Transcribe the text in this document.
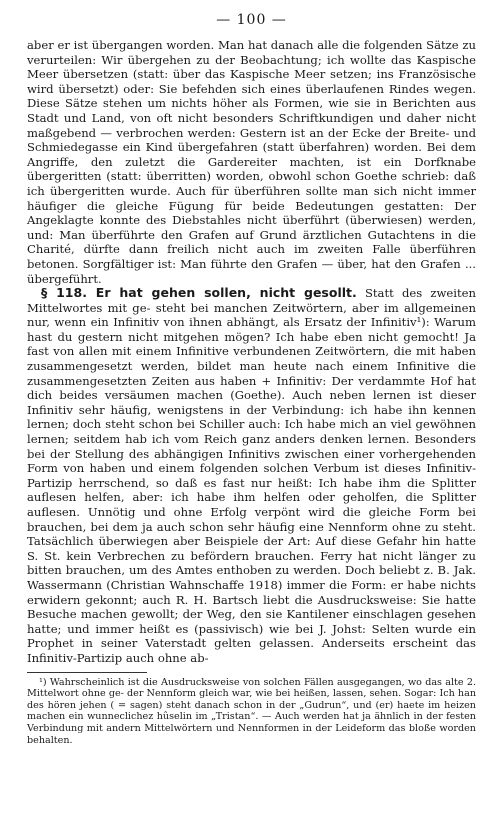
— 100 —

aber er ist übergangen worden. Man hat danach alle die folgenden Sätze zu verurteilen: Wir übergehen zu der Beobachtung; ich wollte das Kaspische Meer übersetzen (statt: über das Kaspische Meer setzen; ins Französische wird übersetzt) oder: Sie befehden sich eines überlaufenen Rindes wegen. Diese Sätze stehen um nichts höher als Formen, wie sie in Berichten aus Stadt und Land, von oft nicht besonders Schriftkundigen und daher nicht maßgebend — verbrochen werden: Gestern ist an der Ecke der Breite- und Schmiedegasse ein Kind übergefahren (statt überfahren) worden. Bei dem Angriffe, den zuletzt die Gardereiter machten, ist ein Dorfknabe übergeritten (statt: überritten) worden, obwohl schon Goethe schrieb: daß ich übergeritten wurde. Auch für überführen sollte man sich nicht immer häufiger die gleiche Fügung für beide Bedeutungen gestatten: Der Angeklagte konnte des Diebstahles nicht überführt (überwiesen) werden, und: Man überführte den Grafen auf Grund ärztlichen Gutachtens in die Charité, dürfte dann freilich nicht auch im zweiten Falle überführen betonen. Sorgfältiger ist: Man führte den Grafen — über, hat den Grafen ... übergeführt.

§ 118. Er hat gehen sollen, nicht gesollt. Statt des zweiten Mittelwortes mit ge- steht bei manchen Zeitwörtern, aber im allgemeinen nur, wenn ein Infinitiv von ihnen abhängt, als Ersatz der Infinitiv¹): Warum hast du gestern nicht mitgehen mögen? Ich habe eben nicht gemocht! Ja fast von allen mit einem Infinitive verbundenen Zeitwörtern, die mit haben zusammengesetzt werden, bildet man heute nach einem Infinitive die zusammengesetzten Zeiten aus haben + Infinitiv: Der verdammte Hof hat dich beides versäumen machen (Goethe). Auch neben lernen ist dieser Infinitiv sehr häufig, wenigstens in der Verbindung: ich habe ihn kennen lernen; doch steht schon bei Schiller auch: Ich habe mich an viel gewöhnen lernen; seitdem hab ich vom Reich ganz anders denken lernen. Besonders bei der Stellung des abhängigen Infinitivs zwischen einer vorhergehenden Form von haben und einem folgenden solchen Verbum ist dieses Infinitiv-Partizip herrschend, so daß es fast nur heißt: Ich habe ihm die Splitter auflesen helfen, aber: ich habe ihm helfen oder geholfen, die Splitter auflesen. Unnötig und ohne Erfolg verpönt wird die gleiche Form bei brauchen, bei dem ja auch schon sehr häufig eine Nennform ohne zu steht. Tatsächlich überwiegen aber Beispiele der Art: Auf diese Gefahr hin hatte S. St. kein Verbrechen zu befördern brauchen. Ferry hat nicht länger zu bitten brauchen, um des Amtes enthoben zu werden. Doch beliebt z. B. Jak. Wassermann (Christian Wahnschaffe 1918) immer die Form: er habe nichts erwidern gekonnt; auch R. H. Bartsch liebt die Ausdrucksweise: Sie hatte Besuche machen gewollt; der Weg, den sie Kantilener einschlagen gesehen hatte; und immer heißt es (passivisch) wie bei J. Johst: Selten wurde ein Prophet in seiner Vaterstadt gelten gelassen. Anderseits erscheint das Infinitiv-Partizip auch ohne ab-

¹) Wahrscheinlich ist die Ausdrucksweise von solchen Fällen ausgegangen, wo das alte 2. Mittelwort ohne ge- der Nennform gleich war, wie bei heißen, lassen, sehen. Sogar: Ich han des hören jehen ( = sagen) steht danach schon in der „Gudrun“, und (er) haete im heizen machen ein wunneclichez hûselin im „Tristan“. — Auch werden hat ja ähnlich in der festen Verbindung mit andern Mittelwörtern und Nennformen in der Leideform das bloße worden behalten.
